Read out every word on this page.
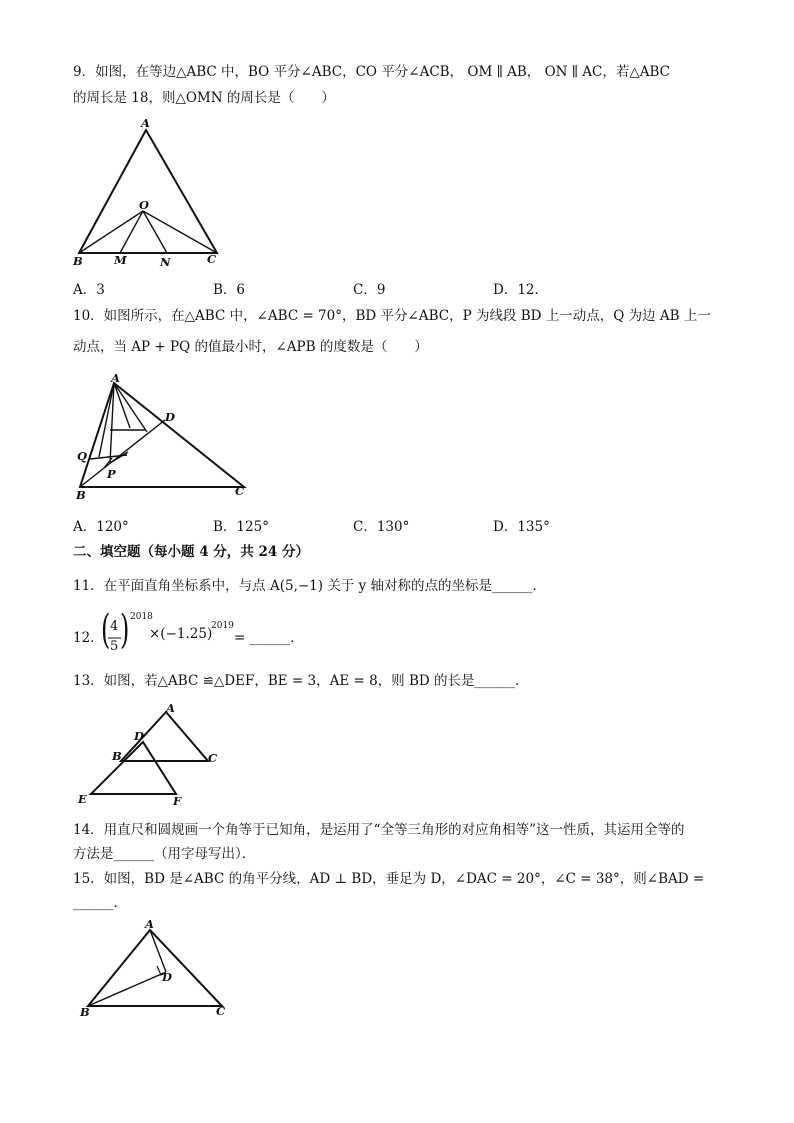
9．如图，在等边△ABC 中，BO 平分∠ABC，CO 平分∠ACB， OM ∥ AB， ON ∥ AC，若△ABC
的周长是 18，则△OMN 的周长是（　　）
A
O
B	M	N	C
A．3	B．6	C．9	D．12．
10．如图所示，在△ABC 中，∠ABC = 70°，BD 平分∠ABC，P 为线段 BD 上一动点，Q 为边 AB 上一
动点，当 AP + PQ 的值最小时，∠APB 的度数是（　　）
A
D
Q
P
B	C
A．120°	B．125°	C．130°	D．135°
二、填空题（每小题 4 分，共 24 分）
11．在平面直角坐标系中，与点 A(5,−1) 关于 y 轴对称的点的坐标是______．
12．
( 4
5 ) 2018
×(−1.25)
2019
= ______．
13．如图，若△ABC ≌△DEF，BE = 3，AE = 8，则 BD 的长是______．
A
D
B	C
E	F
14．用直尺和圆规画一个角等于已知角，是运用了“全等三角形的对应角相等”这一性质，其运用全等的
方法是______（用字母写出）．
15．如图，BD 是∠ABC 的角平分线，AD ⊥ BD，垂足为 D，∠DAC = 20°，∠C = 38°，则∠BAD =
______．
A
D
B	C
